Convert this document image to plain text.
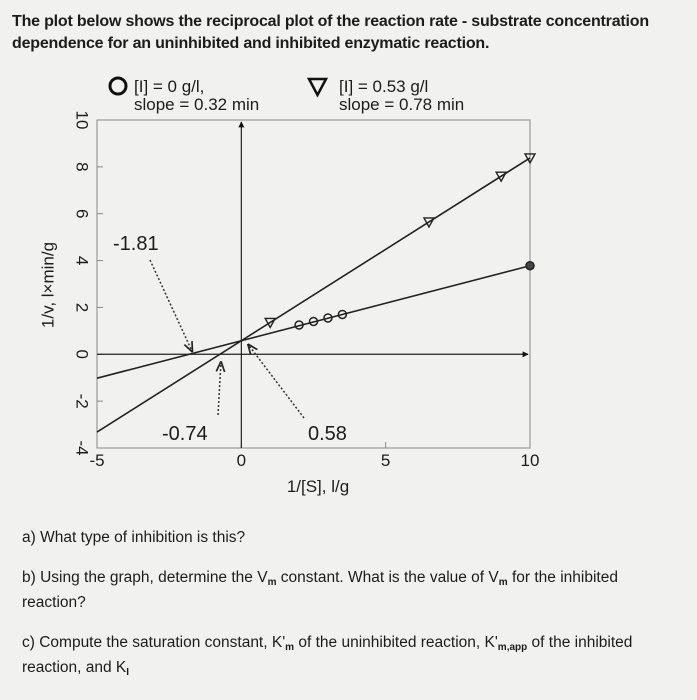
The plot below shows the reciprocal plot of the reaction rate - substrate concentration
dependence for an uninhibited and inhibited enzymatic reaction.
-4
-2
0
2
4
6
8
10
-5	0	5	10
1/[S], l/g
1/v, l×min/g	-1.81
-0.74	0.58
[I] = 0 g/l,
slope = 0.32 min
[I] = 0.53 g/l
slope = 0.78 min
a) What type of inhibition is this?
b) Using the graph, determine the $V_m$ constant. What is the value of $V_m$ for the inhibited
reaction?
c) Compute the saturation constant, $K'_m$ of the uninhibited reaction, $K'_{m,app}$ of the inhibited
reaction, and $K_I$
